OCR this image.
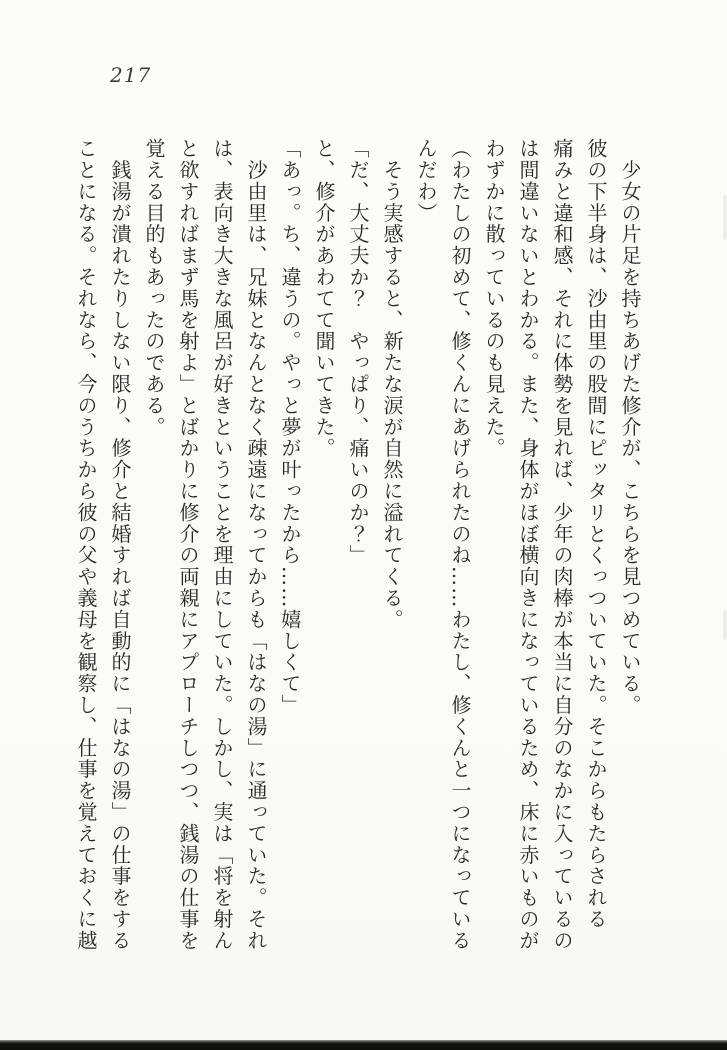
217
　少女の片足を持ちあげた修介が、こちらを見つめている。
彼の下半身は、沙由里の股間にピッタリとくっついていた。そこからもたらされる
痛みと違和感、それに体勢を見れば、少年の肉棒が本当に自分のなかに入っているの
は間違いないとわかる。また、身体がほぼ横向きになっているため、床に赤いものが
わずかに散っているのも見えた。
（わたしの初めて、修くんにあげられたのね……わたし、修くんと一つになっている
んだわ）
　そう実感すると、新たな涙が自然に溢れてくる。
「だ、大丈夫か？　やっぱり、痛いのか？」
と、修介があわてて聞いてきた。
「あっ。ち、違うの。やっと夢が叶ったから……嬉しくて」
　沙由里は、兄妹となんとなく疎遠になってからも「はなの湯」に通っていた。それ
は、表向き大きな風呂が好きということを理由にしていた。しかし、実は「将を射ん
と欲すればまず馬を射よ」とばかりに修介の両親にアプローチしつつ、銭湯の仕事を
覚える目的もあったのである。
　銭湯が潰れたりしない限り、修介と結婚すれば自動的に「はなの湯」の仕事をする
ことになる。それなら、今のうちから彼の父や義母を観察し、仕事を覚えておくに越
